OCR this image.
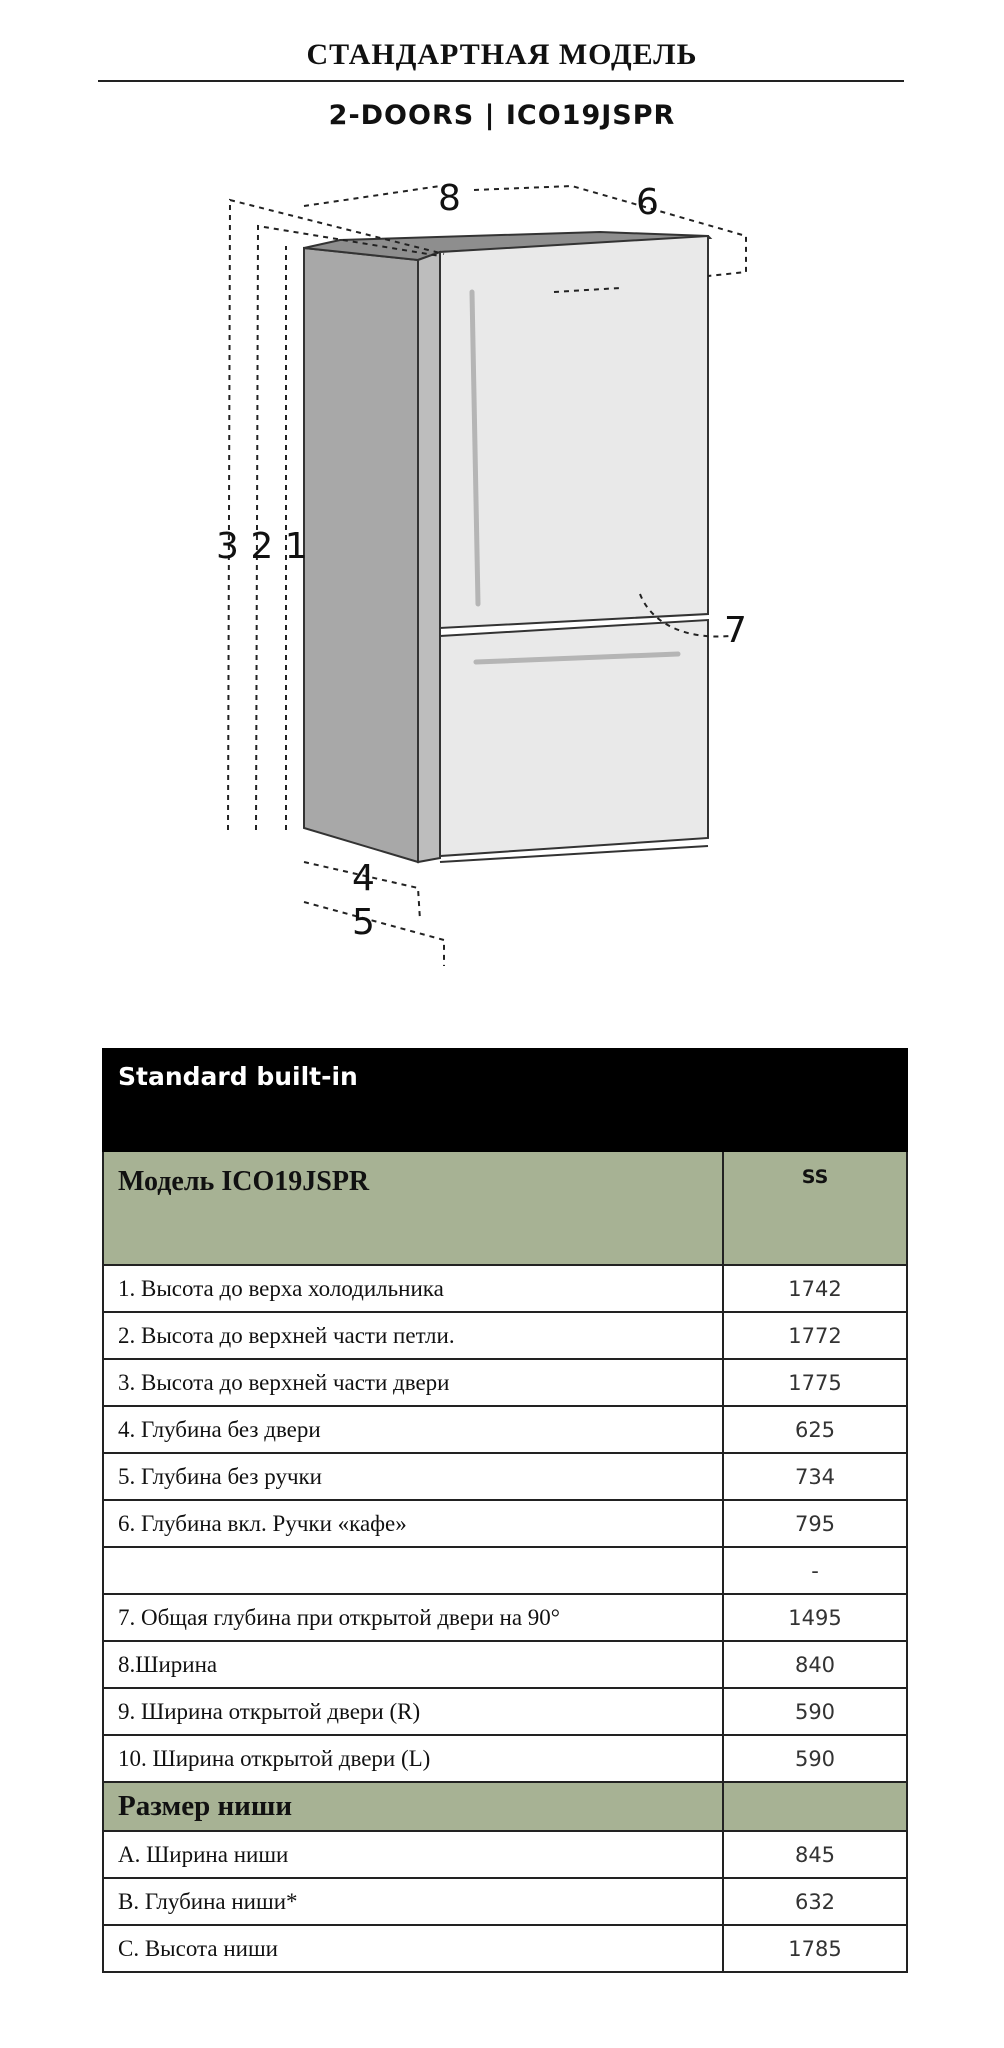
СТАНДАРТНАЯ МОДЕЛЬ
2-DOORS | ICO19JSPR
8	6
3 2 1
7
4
5
Standard built-in	
Модель ICO19JSPR	SS
1. Высота до верха холодильника	1742
2. Высота до верхней части петли.	1772
3. Высота до верхней части двери	1775
4. Глубина без двери	625
5. Глубина без ручки	734
6. Глубина вкл. Ручки «кафе»	795
	-
7. Общая глубина при открытой двери на 90°	1495
8.Ширина	840
9. Ширина открытой двери (R)	590
10. Ширина открытой двери (L)	590
Размер ниши	
A. Ширина ниши	845
B. Глубина ниши*	632
C. Высота ниши	1785
